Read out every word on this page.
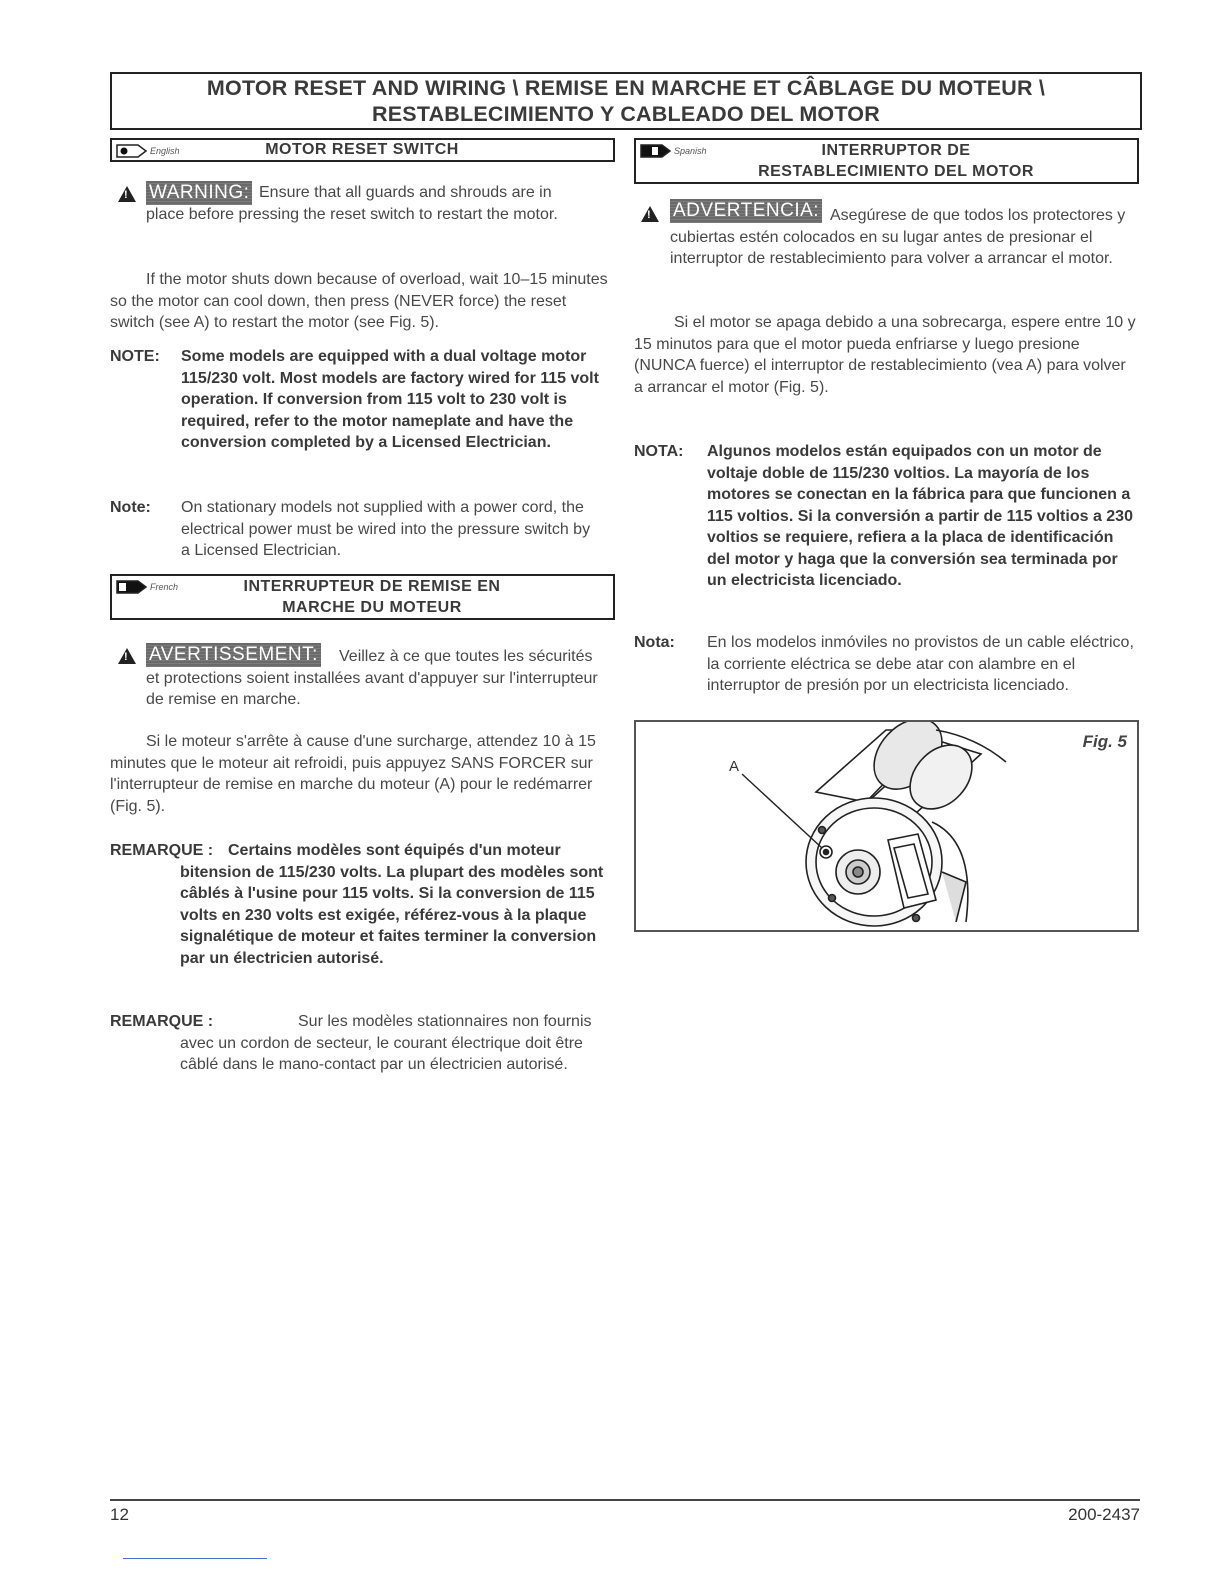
MOTOR RESET AND WIRING \ REMISE EN MARCHE ET CÂBLAGE DU MOTEUR \
RESTABLECIMIENTO Y CABLEADO DEL MOTOR
English	MOTOR RESET SWITCH
!
WARNING: Ensure that all guards and shrouds are in place before pressing the reset switch to restart the motor.
If the motor shuts down because of overload, wait 10–15 minutes so the motor can cool down, then press (NEVER force) the reset switch (see A) to restart the motor (see Fig. 5).
NOTE: Some models are equipped with a dual voltage motor 115/230 volt. Most models are factory wired for 115 volt operation. If conversion from 115 volt to 230 volt is required, refer to the motor nameplate and have the conversion completed by a Licensed Electrician.
Note: On stationary models not supplied with a power cord, the electrical power must be wired into the pressure switch by a Licensed Electrician.
French	INTERRUPTEUR DE REMISE EN
MARCHE DU MOTEUR
!
AVERTISSEMENT:	Veillez à ce que toutes les sécurités et protections soient installées avant d'appuyer sur l'interrupteur de remise en marche.
Si le moteur s'arrête à cause d'une surcharge, attendez 10 à 15 minutes que le moteur ait refroidi, puis appuyez SANS FORCER sur l'interrupteur de remise en marche du moteur (A) pour le redémarrer (Fig. 5).
REMARQUE : Certains modèles sont équipés d'un moteur bitension de 115/230 volts. La plupart des modèles sont câblés à l'usine pour 115 volts. Si la conversion de 115 volts en 230 volts est exigée, référez-vous à la plaque signalétique de moteur et faites terminer la conversion par un électricien autorisé.
REMARQUE :	Sur les modèles stationnaires non fournis avec un cordon de secteur, le courant électrique doit être câblé dans le mano-contact par un électricien autorisé.
Spanish	INTERRUPTOR DE
RESTABLECIMIENTO DEL MOTOR
!
ADVERTENCIA: Asegúrese de que todos los protectores y cubiertas estén colocados en su lugar antes de presionar el interruptor de restablecimiento para volver a arrancar el motor.
Si el motor se apaga debido a una sobrecarga, espere entre 10 y 15 minutos para que el motor pueda enfriarse y luego presione (NUNCA fuerce) el interruptor de restablecimiento (vea A) para volver a arrancar el motor (Fig. 5).
NOTA: Algunos modelos están equipados con un motor de voltaje doble de 115/230 voltios. La mayoría de los motores se conectan en la fábrica para que funcionen a 115 voltios. Si la conversión a partir de 115 voltios a 230 voltios se requiere, refiera a la placa de identificación del motor y haga que la conversión sea terminada por un electricista licenciado.
Nota: En los modelos inmóviles no provistos de un cable eléctrico, la corriente eléctrica se debe atar con alambre en el interruptor de presión por un electricista licenciado.
Fig. 5
A
12	200-2437
